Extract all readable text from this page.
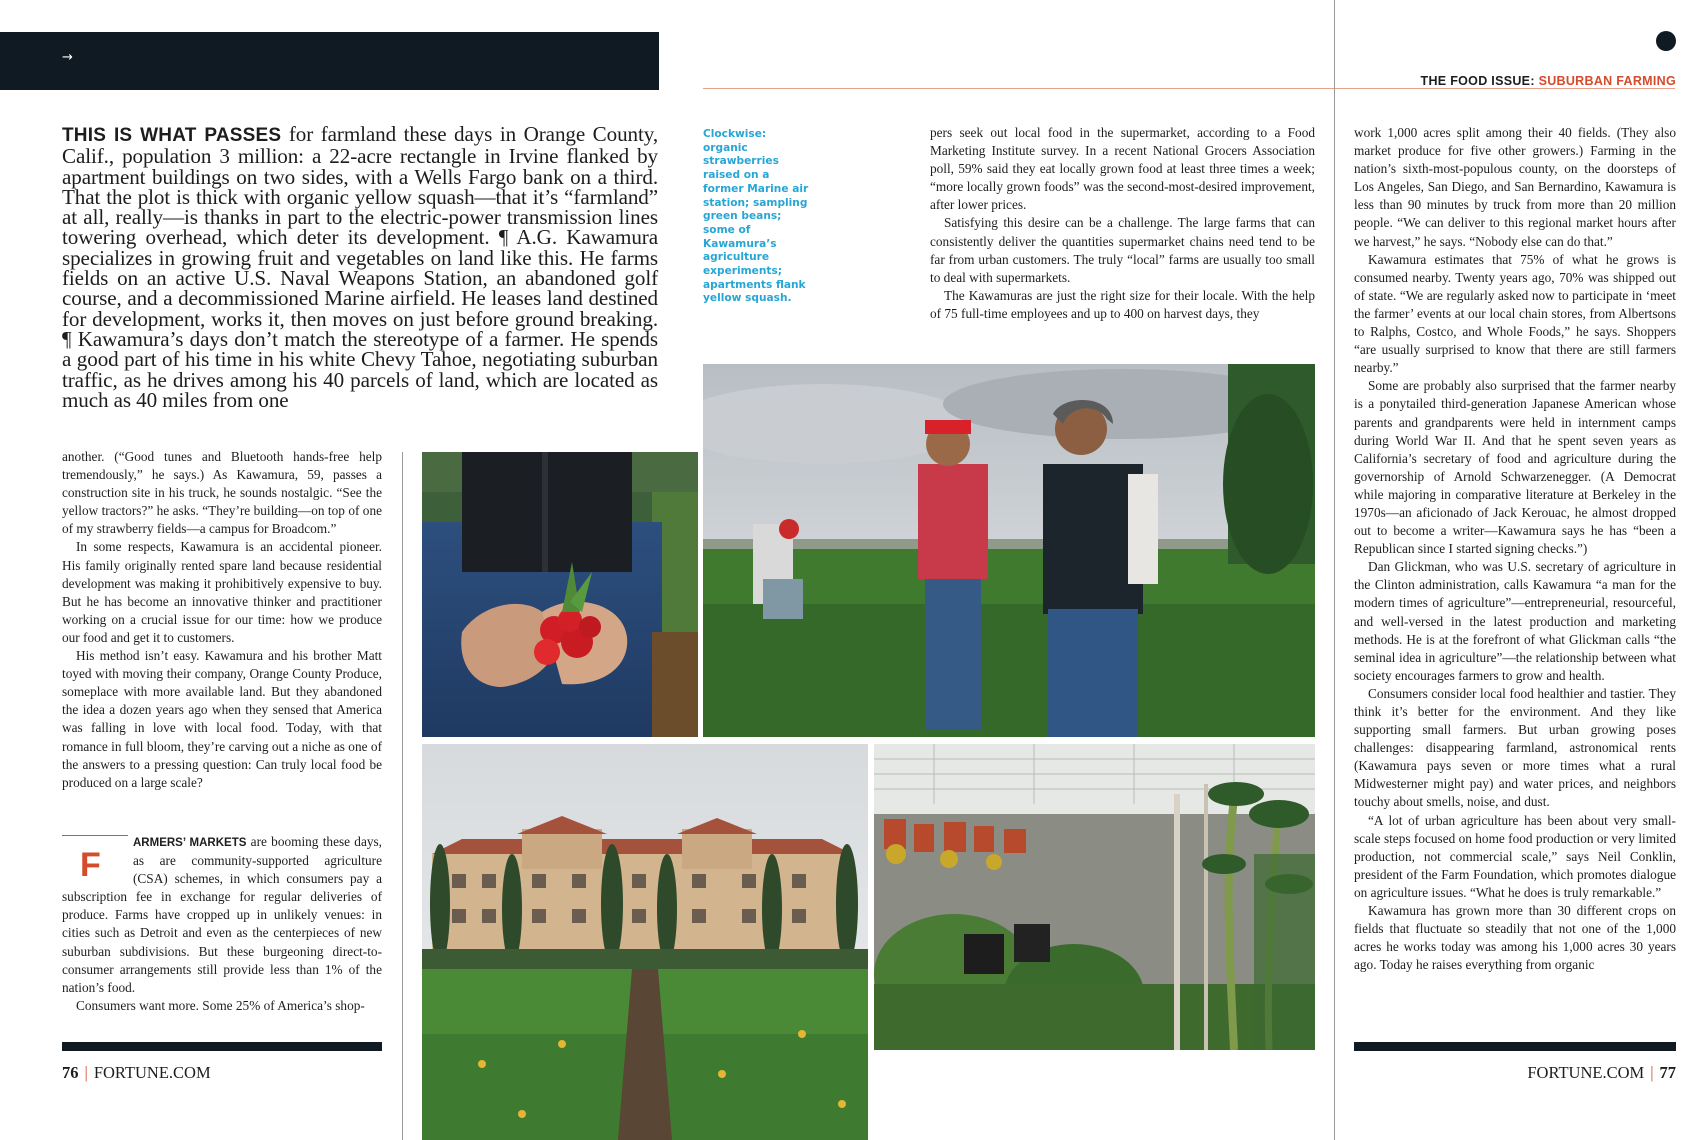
→
THE FOOD ISSUE: SUBURBAN FARMING
THIS IS WHAT PASSES for farmland these days in Orange County, Calif., population 3 million: a 22-acre rectangle in Irvine flanked by apartment buildings on two sides, with a Wells Fargo bank on a third. That the plot is thick with organic yellow squash—that it’s “farmland” at all, really—is thanks in part to the electric-power transmission lines towering overhead, which deter its development. ¶ A.G. Kawamura specializes in growing fruit and vegetables on land like this. He farms fields on an active U.S. Naval Weapons Station, an abandoned golf course, and a decommissioned Marine airfield. He leases land destined for development, works it, then moves on just before ground breaking. ¶ Kawamura’s days don’t match the stereotype of a farmer. He spends a good part of his time in his white Chevy Tahoe, negotiating suburban traffic, as he drives among his 40 parcels of land, which are located as much as 40 miles from one
Clockwise: organic strawberries raised on a former Marine air station; sampling green beans; some of Kawamura’s agriculture experiments; apartments flank yellow squash.

another. (“Good tunes and Bluetooth hands-free help tremendously,” he says.) As Kawamura, 59, passes a construction site in his truck, he sounds nostalgic. “See the yellow tractors?” he asks. “They’re building—on top of one of my strawberry fields—a campus for Broadcom.”

In some respects, Kawamura is an accidental pioneer. His family originally rented spare land because residential development was making it prohibitively expensive to buy. But he has become an innovative thinker and practitioner working on a crucial issue for our time: how we produce our food and get it to customers.

His method isn’t easy. Kawamura and his brother Matt toyed with moving their company, Orange County Produce, someplace with more available land. But they abandoned the idea a dozen years ago when they sensed that America was falling in love with local food. Today, with that romance in full bloom, they’re carving out a niche as one of the answers to a pressing question: Can truly local food be produced on a large scale?

F
ARMERS’ MARKETS are booming these days, as are community-supported agriculture (CSA) schemes, in which consumers pay a subscription fee in exchange for regular deliveries of produce. Farms have cropped up in unlikely venues: in cities such as Detroit and even as the centerpieces of new suburban subdivisions. But these burgeoning direct-to-consumer arrangements still provide less than 1% of the nation’s food.

Consumers want more. Some 25% of America’s shop-

pers seek out local food in the supermarket, according to a Food Marketing Institute survey. In a recent National Grocers Association poll, 59% said they eat locally grown food at least three times a week; “more locally grown foods” was the second-most-desired improvement, after lower prices.

Satisfying this desire can be a challenge. The large farms that can consistently deliver the quantities supermarket chains need tend to be far from urban customers. The truly “local” farms are usually too small to deal with supermarkets.

The Kawamuras are just the right size for their locale. With the help of 75 full-time employees and up to 400 on harvest days, they

work 1,000 acres split among their 40 fields. (They also market produce for five other growers.) Farming in the nation’s sixth-most-populous county, on the doorsteps of Los Angeles, San Diego, and San Bernardino, Kawamura is less than 90 minutes by truck from more than 20 million people. “We can deliver to this regional market hours after we harvest,” he says. “Nobody else can do that.”

Kawamura estimates that 75% of what he grows is consumed nearby. Twenty years ago, 70% was shipped out of state. “We are regularly asked now to participate in ‘meet the farmer’ events at our local chain stores, from Albertsons to Ralphs, Costco, and Whole Foods,” he says. Shoppers “are usually surprised to know that there are still farmers nearby.”

Some are probably also surprised that the farmer nearby is a ponytailed third-generation Japanese American whose parents and grandparents were held in internment camps during World War II. And that he spent seven years as California’s secretary of food and agriculture during the governorship of Arnold Schwarzenegger. (A Democrat while majoring in comparative literature at Berkeley in the 1970s—an aficionado of Jack Kerouac, he almost dropped out to become a writer—Kawamura says he has “been a Republican since I started signing checks.”)

Dan Glickman, who was U.S. secretary of agriculture in the Clinton administration, calls Kawamura “a man for the modern times of agriculture”—entrepreneurial, resourceful, and well-versed in the latest production and marketing methods. He is at the forefront of what Glickman calls “the seminal idea in agriculture”—the relationship between what society encourages farmers to grow and health.

Consumers consider local food healthier and tastier. They think it’s better for the environment. And they like supporting small farmers. But urban growing poses challenges: disappearing farmland, astronomical rents (Kawamura pays seven or more times what a rural Midwesterner might pay) and water prices, and neighbors touchy about smells, noise, and dust.

“A lot of urban agriculture has been about very small-scale steps focused on home food production or very limited production, not commercial scale,” says Neil Conklin, president of the Farm Foundation, which promotes dialogue on agriculture issues. “What he does is truly remarkable.”

Kawamura has grown more than 30 different crops on fields that fluctuate so steadily that not one of the 1,000 acres he works today was among his 1,000 acres 30 years ago. Today he raises everything from organic

76 | FORTUNE.COM	FORTUNE.COM | 77
